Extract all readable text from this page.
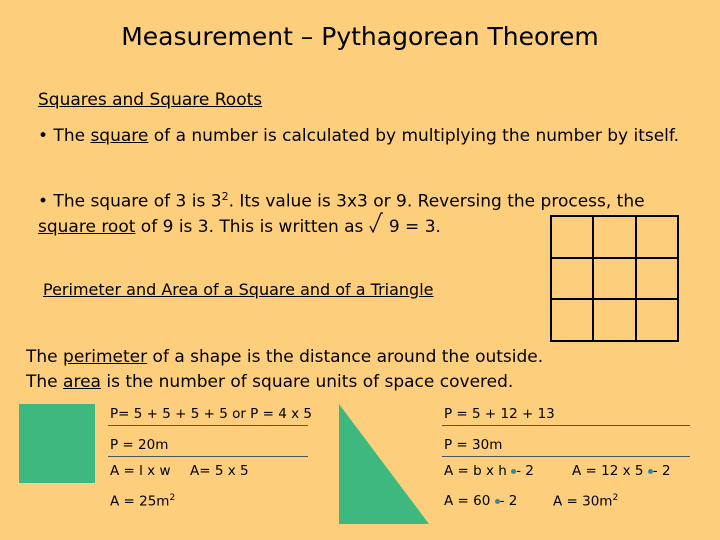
Measurement – Pythagorean Theorem
Squares and Square Roots
• The square of a number is calculated by multiplying the number by itself.
• The square of 3 is $3^2$. Its value is 3x3 or 9. Reversing the process, the square root of 9 is 3. This is written as
9 = 3.
Perimeter and Area of a Square and of a Triangle
The perimeter of a shape is the distance around the outside.
The area is the number of square units of space covered.
P= 5 + 5 + 5 + 5 or P = 4 x 5
P = 20m
A = l x w A= 5 x 5
$A = 25m^2$
P = 5 + 12 + 13
P = 30m
A = b x h - 2	A = 12 x 5 - 2
A = 60 - 2	$A = 30m^2$
